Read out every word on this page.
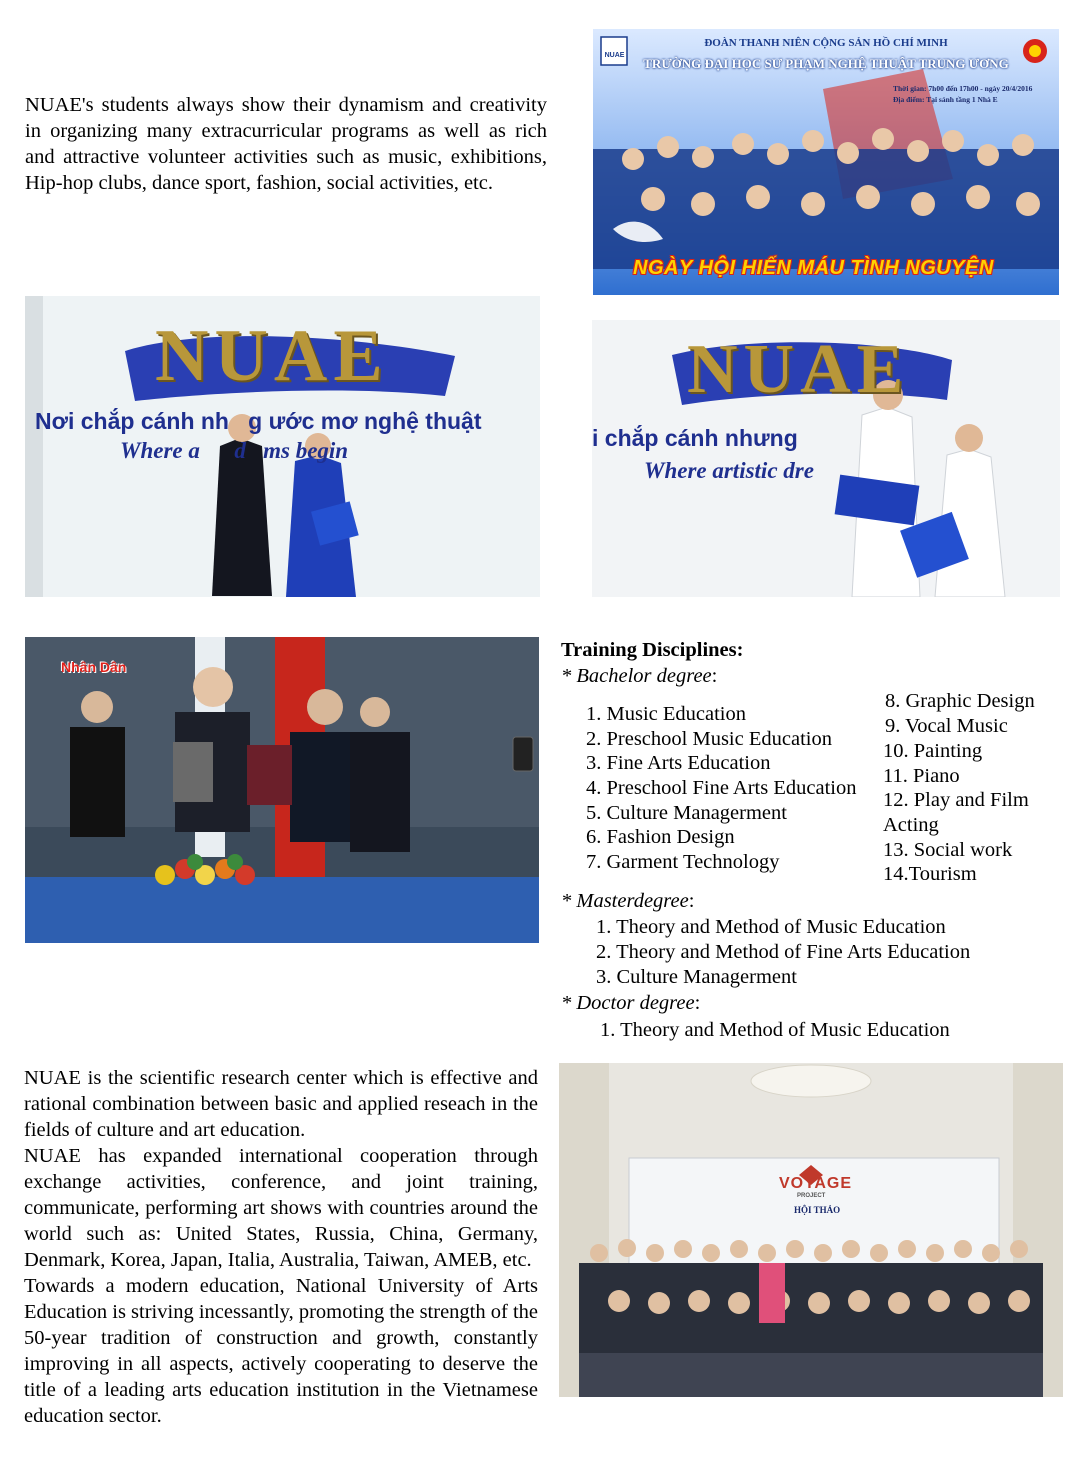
NUAE's students always show their dynamism and creativity in organizing many extracurricular programs as well as rich and attractive volunteer activities such as music, exhibitions, Hip-hop clubs, dance sport, fashion, social activities, etc.
NUAE
ĐOÀN THANH NIÊN CỘNG SẢN HỒ CHÍ MINH
TRƯỜNG ĐẠI HỌC SƯ PHẠM NGHỆ THUẬT TRUNG ƯƠNG
Thời gian: 7h00 đến 17h00 - ngày 20/4/2016
Địa điểm: Tại sảnh tầng 1 Nhà E
NGÀY HỘI HIẾN MÁU TÌNH NGUYỆN
NUAE
Nơi chắp cánh nh   g ước mơ nghệ thuật
Where a      d   ms begin
NUAE
i chắp cánh nhưng
Where artistic dre
Nhân Dân
Training Disciplines:
* Bachelor degree:
1. Music Education
2. Preschool Music Education
3. Fine Arts Education
4. Preschool Fine Arts Education
5. Culture Managerment
6. Fashion Design
7. Garment Technology
8. Graphic Design
9. Vocal Music
10. Painting
11. Piano
12. Play and Film
Acting
13. Social work
14.Tourism
* Masterdegree:
1. Theory and Method of Music Education
2. Theory and Method of Fine Arts Education
3. Culture Managerment
* Doctor degree:
1. Theory and Method of Music Education
NUAE is the scientific research center which is effective and rational combination between basic and applied reseach in the fields of culture and art education.
NUAE has expanded international cooperation through exchange activities, conference, and joint training, communicate, performing art shows with countries around the world such as: United States, Russia, China, Germany, Denmark, Korea, Japan, Italia, Australia, Taiwan, AMEB, etc.
Towards a modern education, National University of Arts Education is striving incessantly, promoting the strength of the 50-year tradition of construction and growth, constantly improving in all aspects, actively cooperating to deserve the title of a leading arts education institution in the Vietnamese education sector.
VOYAGE
PROJECT
HỘI THẢO
